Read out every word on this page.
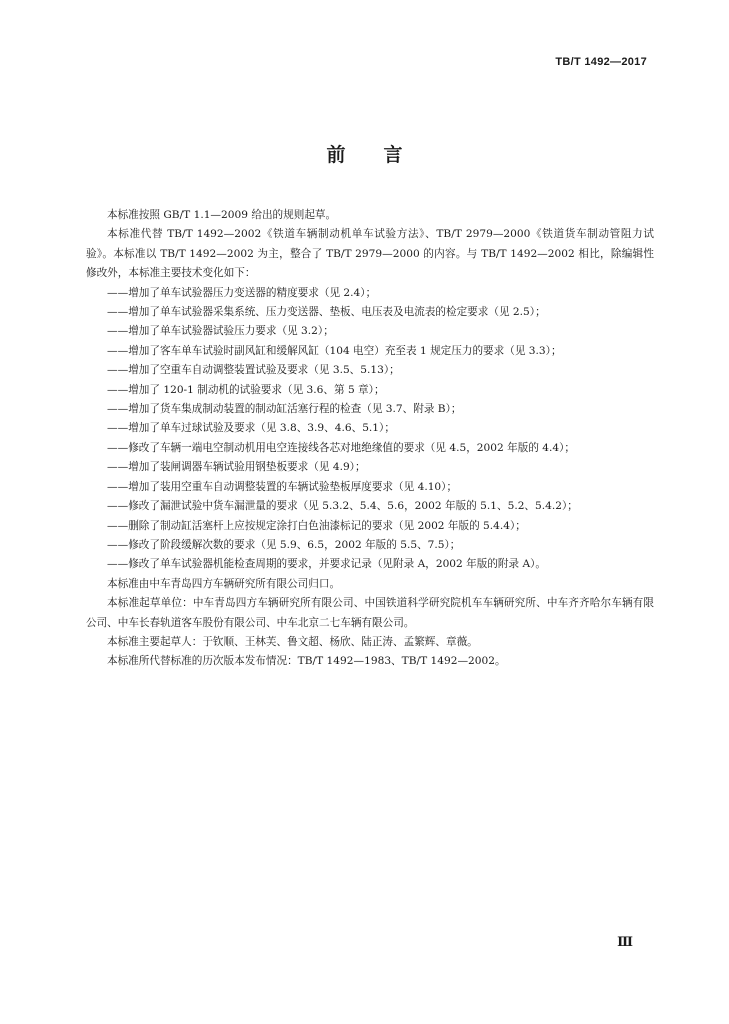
TB/T 1492—2017
前言

本标准按照 GB/T 1.1—2009 给出的规则起草。

本标准代替 TB/T 1492—2002《铁道车辆制动机单车试验方法》、TB/T 2979—2000《铁道货车制动管阻力试验》。本标准以 TB/T 1492—2002 为主，整合了 TB/T 2979—2000 的内容。与 TB/T 1492—2002 相比，除编辑性修改外，本标准主要技术变化如下：

——增加了单车试验器压力变送器的精度要求（见 2.4）；

——增加了单车试验器采集系统、压力变送器、垫板、电压表及电流表的检定要求（见 2.5）；

——增加了单车试验器试验压力要求（见 3.2）；

——增加了客车单车试验时副风缸和缓解风缸（104 电空）充至表 1 规定压力的要求（见 3.3）；

——增加了空重车自动调整装置试验及要求（见 3.5、5.13）；

——增加了 120-1 制动机的试验要求（见 3.6、第 5 章）；

——增加了货车集成制动装置的制动缸活塞行程的检查（见 3.7、附录 B）；

——增加了单车过球试验及要求（见 3.8、3.9、4.6、5.1）；

——修改了车辆一端电空制动机用电空连接线各芯对地绝缘值的要求（见 4.5，2002 年版的 4.4）；

——增加了装闸调器车辆试验用钢垫板要求（见 4.9）；

——增加了装用空重车自动调整装置的车辆试验垫板厚度要求（见 4.10）；

——修改了漏泄试验中货车漏泄量的要求（见 5.3.2、5.4、5.6，2002 年版的 5.1、5.2、5.4.2）；

——删除了制动缸活塞杆上应按规定涂打白色油漆标记的要求（见 2002 年版的 5.4.4）；

——修改了阶段缓解次数的要求（见 5.9、6.5，2002 年版的 5.5、7.5）；

——修改了单车试验器机能检查周期的要求，并要求记录（见附录 A，2002 年版的附录 A）。

本标准由中车青岛四方车辆研究所有限公司归口。

本标准起草单位：中车青岛四方车辆研究所有限公司、中国铁道科学研究院机车车辆研究所、中车齐齐哈尔车辆有限公司、中车长春轨道客车股份有限公司、中车北京二七车辆有限公司。

本标准主要起草人：于钦顺、王林芙、鲁文超、杨欣、陆正涛、孟繁辉、章薇。

本标准所代替标准的历次版本发布情况：TB/T 1492—1983、TB/T 1492—2002。

Ⅲ
